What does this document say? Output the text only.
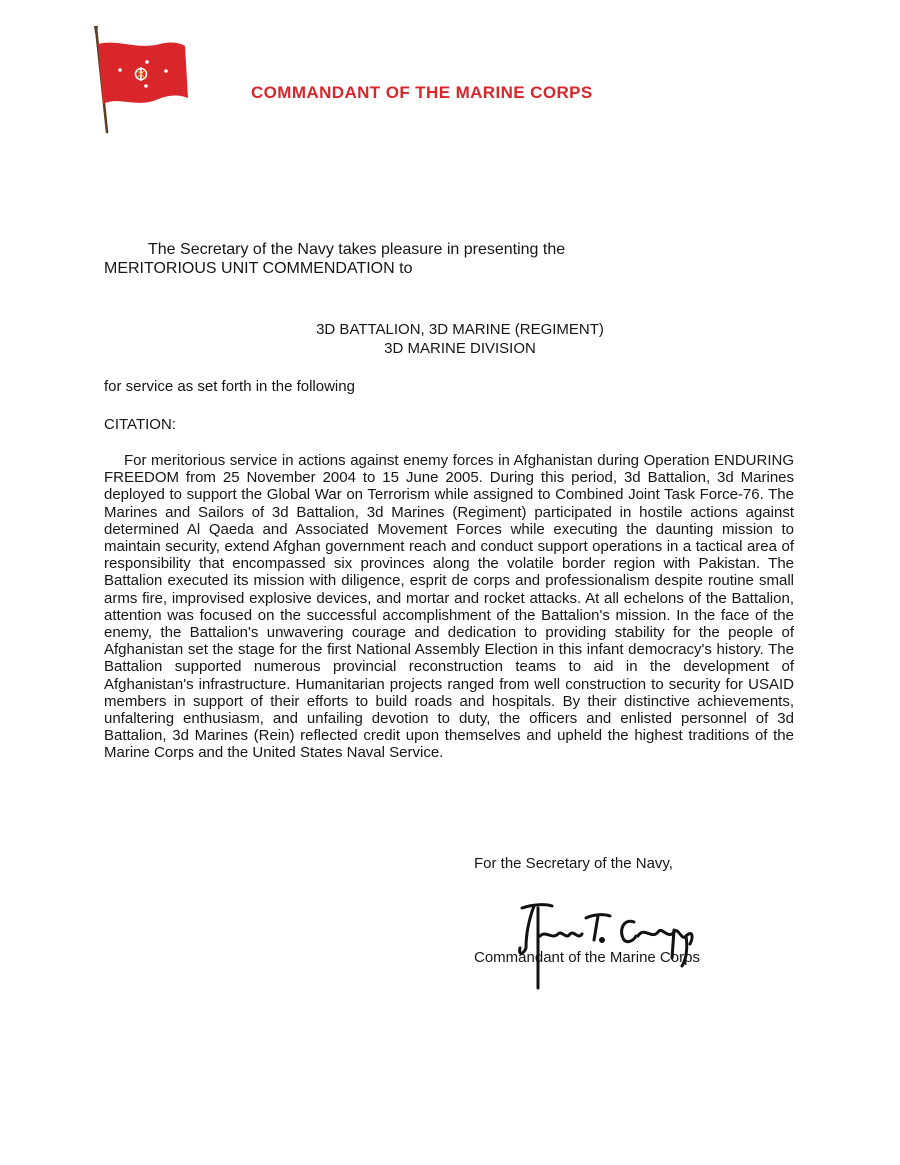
COMMANDANT OF THE MARINE CORPS
The Secretary of the Navy takes pleasure in presenting the
MERITORIOUS UNIT COMMENDATION to
3D BATTALION, 3D MARINE (REGIMENT)
3D MARINE DIVISION
for service as set forth in the following
CITATION:
For meritorious service in actions against enemy forces in Afghanistan during Operation ENDURING FREEDOM from 25 November 2004 to 15 June 2005. During this period, 3d Battalion, 3d Marines deployed to support the Global War on Terrorism while assigned to Combined Joint Task Force-76. The Marines and Sailors of 3d Battalion, 3d Marines (Regiment) participated in hostile actions against determined Al Qaeda and Associated Movement Forces while executing the daunting mission to maintain security, extend Afghan government reach and conduct support operations in a tactical area of responsibility that encompassed six provinces along the volatile border region with Pakistan. The Battalion executed its mission with diligence, esprit de corps and professionalism despite routine small arms fire, improvised explosive devices, and mortar and rocket attacks. At all echelons of the Battalion, attention was focused on the successful accomplishment of the Battalion's mission. In the face of the enemy, the Battalion's unwavering courage and dedication to providing stability for the people of Afghanistan set the stage for the first National Assembly Election in this infant democracy's history. The Battalion supported numerous provincial reconstruction teams to aid in the development of Afghanistan's infrastructure. Humanitarian projects ranged from well construction to security for USAID members in support of their efforts to build roads and hospitals. By their distinctive achievements, unfaltering enthusiasm, and unfailing devotion to duty, the officers and enlisted personnel of 3d Battalion, 3d Marines (Rein) reflected credit upon themselves and upheld the highest traditions of the Marine Corps and the United States Naval Service.
For the Secretary of the Navy,
Commandant of the Marine Corps
